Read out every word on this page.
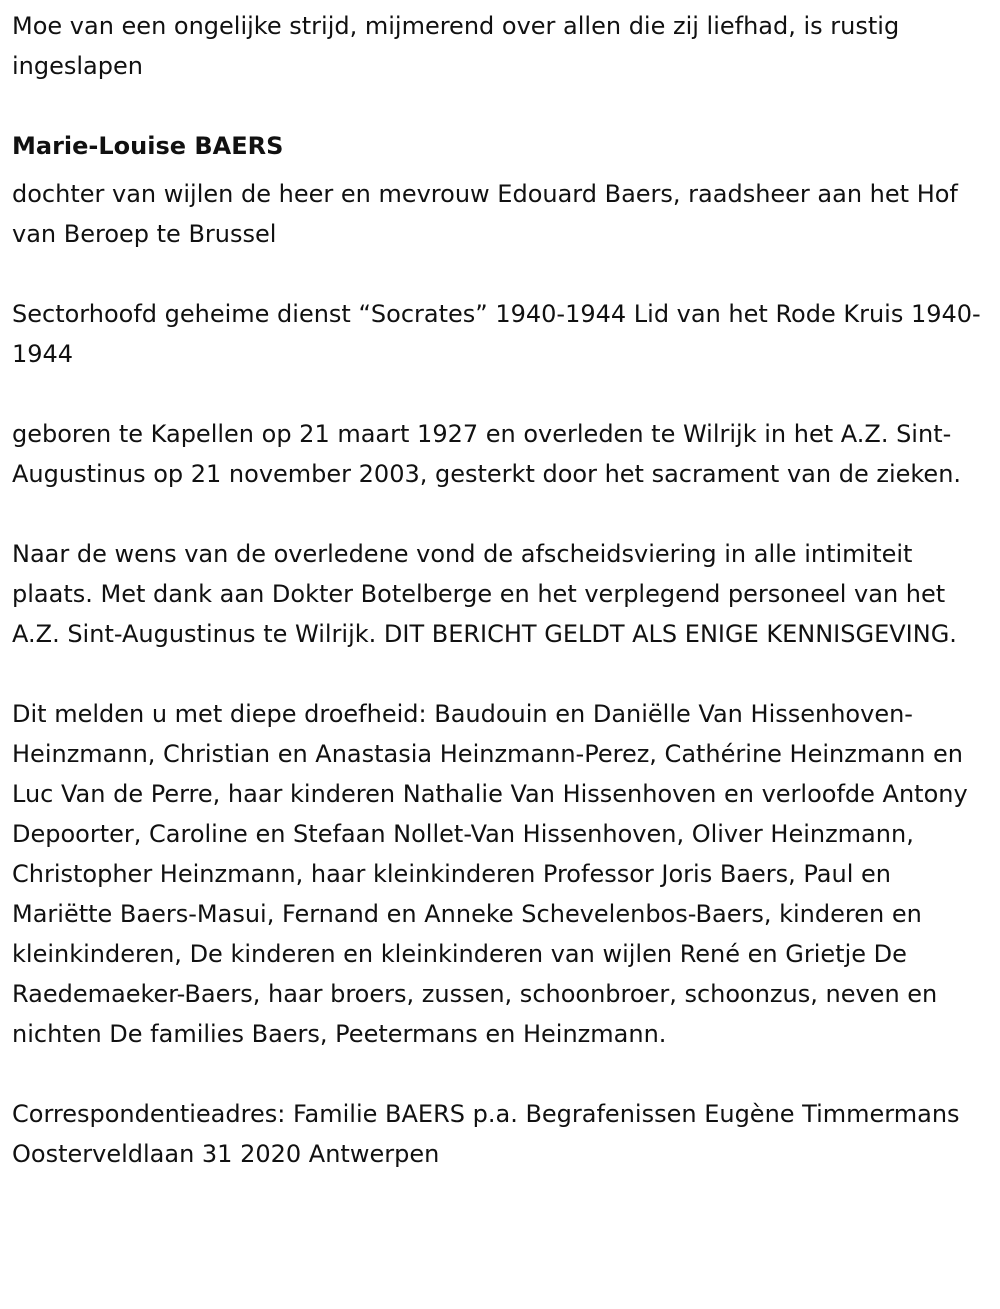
Moe van een ongelijke strijd, mijmerend over allen die zij liefhad, is rustig ingeslapen

Marie-Louise BAERS

dochter van wijlen de heer en mevrouw Edouard Baers, raadsheer aan het Hof van Beroep te Brussel

Sectorhoofd geheime dienst “Socrates” 1940-1944 Lid van het Rode Kruis 1940-1944

geboren te Kapellen op 21 maart 1927 en overleden te Wilrijk in het A.Z. Sint-Augustinus op 21 november 2003, gesterkt door het sacrament van de zieken.

Naar de wens van de overledene vond de afscheidsviering in alle intimiteit plaats. Met dank aan Dokter Botelberge en het verplegend personeel van het A.Z. Sint-Augustinus te Wilrijk. DIT BERICHT GELDT ALS ENIGE KENNISGEVING.

Dit melden u met diepe droefheid: Baudouin en Daniëlle Van Hissenhoven-Heinzmann, Christian en Anastasia Heinzmann-Perez, Cathérine Heinzmann en Luc Van de Perre, haar kinderen Nathalie Van Hissenhoven en verloofde Antony Depoorter, Caroline en Stefaan Nollet-Van Hissenhoven, Oliver Heinzmann, Christopher Heinzmann, haar kleinkinderen Professor Joris Baers, Paul en Mariëtte Baers-Masui, Fernand en Anneke Schevelenbos-Baers, kinderen en kleinkinderen, De kinderen en kleinkinderen van wijlen René en Grietje De Raedemaeker-Baers, haar broers, zussen, schoonbroer, schoonzus, neven en nichten De families Baers, Peetermans en Heinzmann.

Correspondentieadres: Familie BAERS p.a. Begrafenissen Eugène Timmermans Oosterveldlaan 31 2020 Antwerpen
